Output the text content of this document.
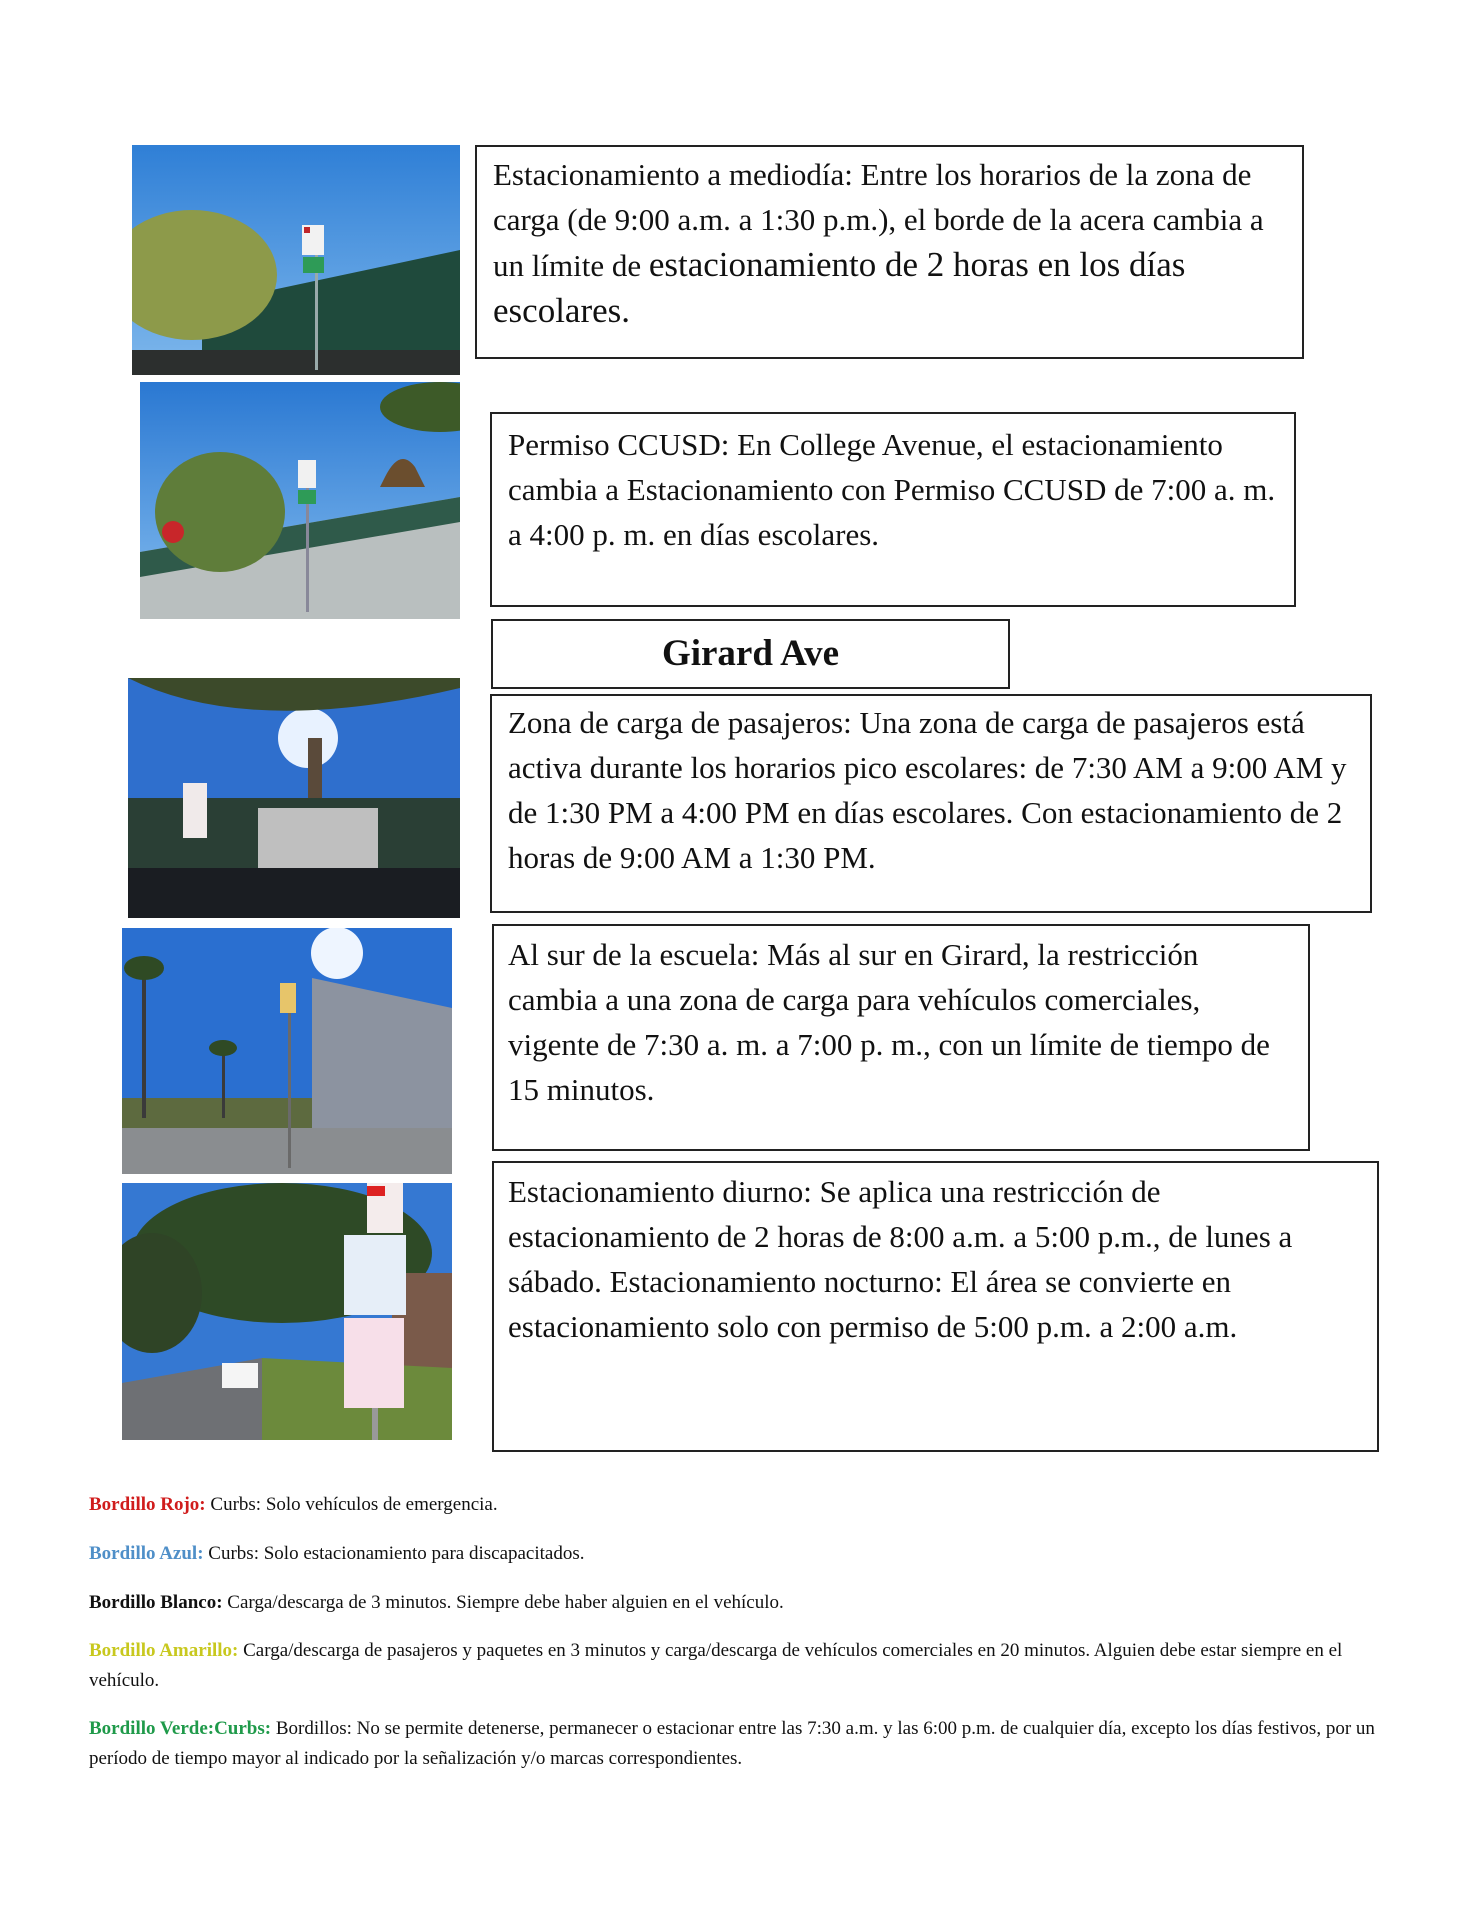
Estacionamiento a mediodía: Entre los horarios de la zona de carga (de 9:00 a.m. a 1:30 p.m.), el borde de la acera cambia a un límite de estacionamiento de 2 horas en los días escolares.

Permiso CCUSD: En College Avenue, el estacionamiento cambia a Estacionamiento con Permiso CCUSD de 7:00 a. m. a 4:00 p. m. en días escolares.

Girard Ave

Zona de carga de pasajeros: Una zona de carga de pasajeros está activa durante los horarios pico escolares: de 7:30 AM a 9:00 AM y de 1:30 PM a 4:00 PM en días escolares. Con estacionamiento de 2 horas de 9:00 AM a 1:30 PM.

Al sur de la escuela: Más al sur en Girard, la restricción cambia a una zona de carga para vehículos comerciales, vigente de 7:30 a. m. a 7:00 p. m., con un límite de tiempo de 15 minutos.

Estacionamiento diurno: Se aplica una restricción de estacionamiento de 2 horas de 8:00 a.m. a 5:00 p.m., de lunes a sábado. Estacionamiento nocturno: El área se convierte en estacionamiento solo con permiso de 5:00 p.m. a 2:00 a.m.

Bordillo Rojo: Curbs: Solo vehículos de emergencia.
Bordillo Azul: Curbs: Solo estacionamiento para discapacitados.
Bordillo Blanco: Carga/descarga de 3 minutos. Siempre debe haber alguien en el vehículo.
Bordillo Amarillo: Carga/descarga de pasajeros y paquetes en 3 minutos y carga/descarga de vehículos comerciales en 20 minutos. Alguien debe estar siempre en el vehículo.
Bordillo Verde:Curbs: Bordillos: No se permite detenerse, permanecer o estacionar entre las 7:30 a.m. y las 6:00 p.m. de cualquier día, excepto los días festivos, por un período de tiempo mayor al indicado por la señalización y/o marcas correspondientes.
